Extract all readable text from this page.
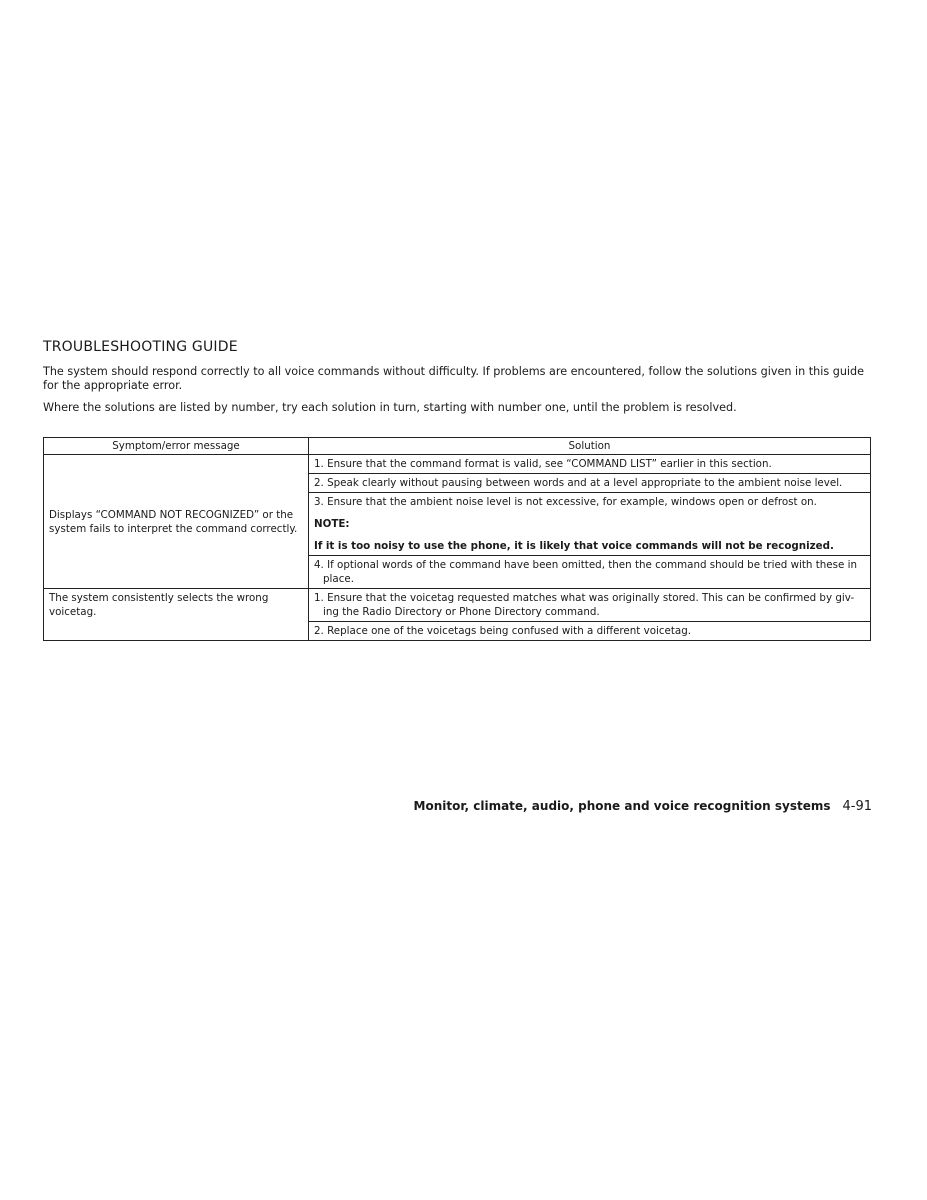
TROUBLESHOOTING GUIDE

The system should respond correctly to all voice commands without difficulty. If problems are encountered, follow the solutions given in this guide for the appropriate error.

Where the solutions are listed by number, try each solution in turn, starting with number one, until the problem is resolved.

Symptom/error message	Solution
Displays “COMMAND NOT RECOGNIZED” or the system fails to interpret the command correctly.	1. Ensure that the command format is valid, see “COMMAND LIST” earlier in this section.
	2. Speak clearly without pausing between words and at a level appropriate to the ambient noise level.

	3. Ensure that the ambient noise level is not excessive, for example, windows open or defrost on.

NOTE:

If it is too noisy to use the phone, it is likely that voice commands will not be recognized.

	4. If optional words of the command have been omitted, then the command should be tried with these in place.
The system consistently selects the wrong voicetag.	1. Ensure that the voicetag requested matches what was originally stored. This can be confirmed by giv-ing the Radio Directory or Phone Directory command.
	2. Replace one of the voicetags being confused with a different voicetag.
Monitor, climate, audio, phone and voice recognition systems 4-91
